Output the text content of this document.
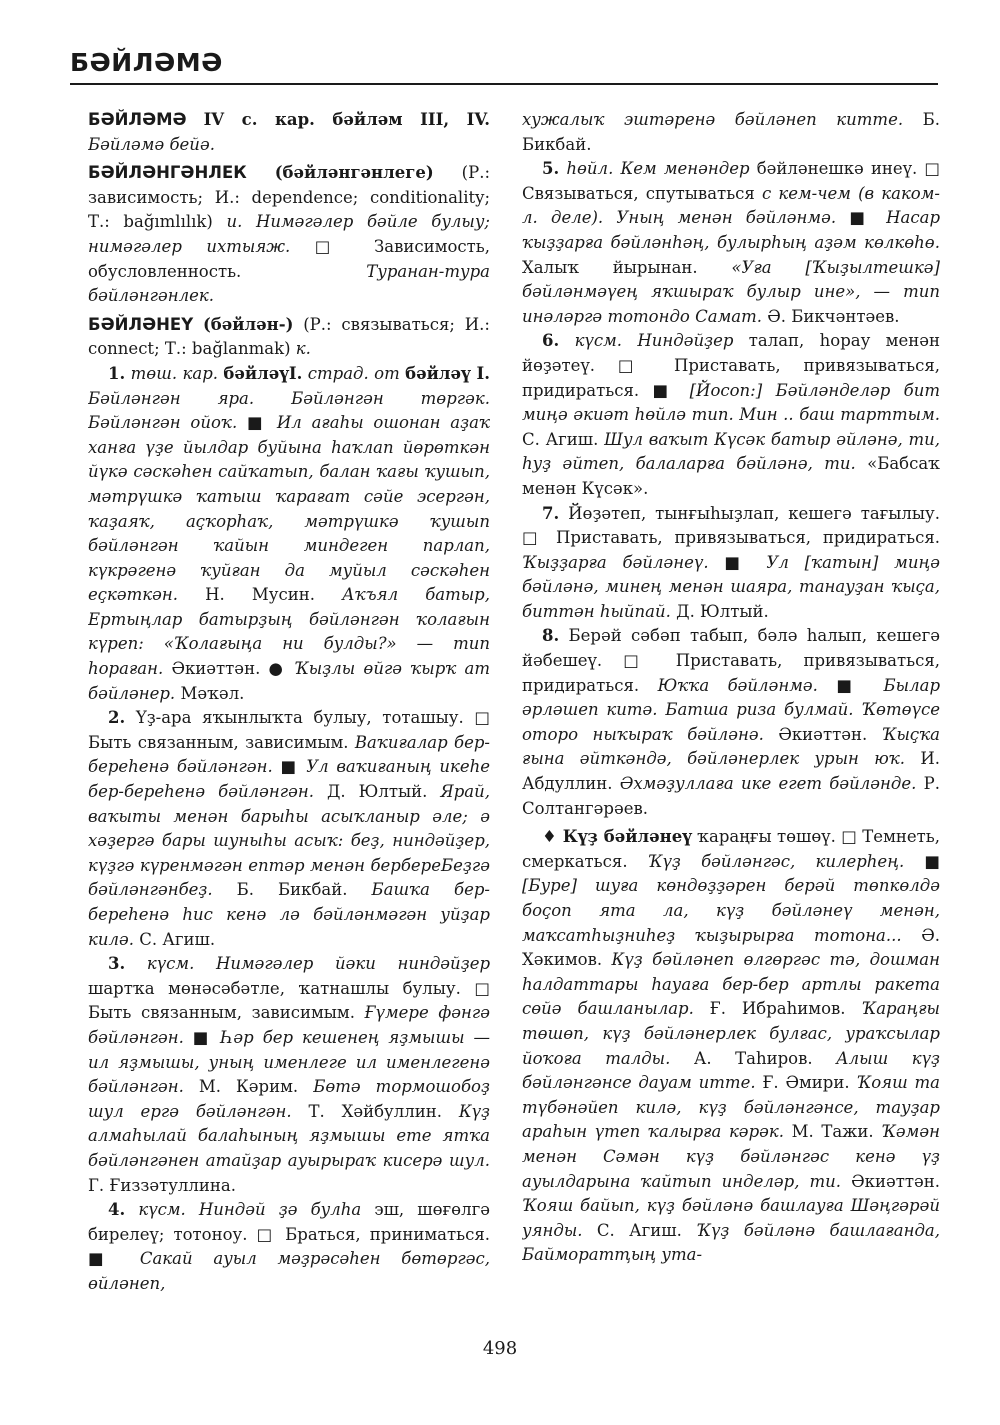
БӘЙЛӘМӘ

БӘЙЛӘМӘ IV с. кар. бәйләм III, IV. Бәйләмә бейә.

БӘЙЛӘНГӘНЛЕК (бәйләнгәнлеге) (Р.: зависимость; И.: dependence; conditionality; Т.: bağımlılık) и. Нимәгәлер бәйле булыу; нимәгәлер ихтыяж. □ Зависимость, обусловленность.	Туранан-тура бәйләнгәнлек.

БӘЙЛӘНЕҮ (бәйлән-) (Р.: связываться; И.: connect; Т.: bağlanmak) к.

1. төш. кар. бәйләүI. страд. от бәйләү I. Бәйләнгән яра. Бәйләнгән төргәк. Бәйләнгән ойоҡ. ■ Ил ағаһы ошонан аҙаҡ ханға үҙе йылдар буйына һаҡлап йөрөткән йүкә сәскәһен сайҡатып, балан ҡағы ҡушып, мәтрүшкә ҡатыш ҡарағат сәйе эсергән, ҡаҙаяҡ, аҫҡорһаҡ, мәтрүшкә ҡушып бәйләнгән ҡайын миндеген парлап, күкрәгенә ҡуйған да муйыл сәскәһен еҫкәткән. Н. Мусин. Аҡъял батыр, Ертыңлар батырҙың бәйләнгән ҡолағын күреп: «Ҡолағыңа ни булды?» — тип һораған. Әкиәттән. ● Ҡыҙлы өйгә ҡырҡ ат бәйләнер. Мәҡәл.

2. Үҙ-ара яҡынлыҡта булыу, тоташыу. □ Быть связанным, зависимым. Ваҡиғалар бер-береһенә бәйләнгән. ■ Ул ваҡиғаның икеһе бер-береһенә бәйләнгән. Д. Юлтый. Ярай, ваҡыты менән барыһы асыҡланыр әле; ә хәҙергә бары шуныһы асыҡ: беҙ, ниндәйҙер, күҙгә күренмәгән ептәр менән бербереБеҙгә бәйләнгәнбеҙ. Б. Бикбай. Башҡа бер-береһенә һис кенә лә бәйләнмәгән уйҙар килә. С. Агиш.

3. күсм. Нимәгәлер йәки ниндәйҙер шартҡа мөнәсәбәтле, ҡатнашлы булыу. □ Быть связанным, зависимым. Ғүмере фәнгә бәйләнгән. ■ Һәр бер кешенең яҙмышы — ил яҙмышы, уның именлеге ил именлегенә бәйләнгән. М. Кәрим. Бөтә тормошобоҙ шул ергә бәйләнгән. Т. Хәйбуллин. Күҙ алмаһылай балаһының яҙмышы ете ятҡа бәйләнгәнен атайҙар ауырыраҡ кисерә шул. Г. Ғиззәтуллина.

4. күсм. Ниндәй ҙә булһа эш, шөғөлгә бирелеү; тотоноу. □ Браться, приниматься. ■ Сакай ауыл мәҙрәсәһен бөтөргәс, өйләнеп,

хужалыҡ эштәренә бәйләнеп китте. Б. Бикбай.

5. һөйл. Кем менәндер бәйләнешкә инеү. □ Связываться, спутываться с кем-чем (в каком-л. деле). Уның менән бәйләнмә. ■ Насар ҡыҙҙарға бәйләнһәң, булырһың аҙәм көлкөһө. Халыҡ йырынан. «Уға [Ҡыҙылтешкә] бәйләнмәүең яҡшыраҡ булыр ине», — тип инәләргә тотондо Самат. Ә. Бикчәнтәев.

6. күсм. Ниндәйҙер талап, һорау менән йөҙәтеү. □ Приставать, привязываться, придираться. ■ [Йосоп:] Бәйләнделәр бит миңә әкиәт һөйлә тип. Мин .. баш тарттым. С. Агиш. Шул ваҡыт Күсәк батыр әйләнә, ти, һуҙ әйтеп, балаларға бәйләнә, ти. «Бабсаҡ менән Күсәк».

7. Йөҙәтеп, тынғыһыҙлап, кешегә тағылыу. □ Приставать, привязываться, придираться. Ҡыҙҙарға бәйләнеү. ■ Ул [ҡатын] миңә бәйләнә, минең менән шаяра, танауҙан ҡыҫа, биттән һыйпай. Д. Юлтый.

8. Берәй сәбәп табып, бәлә һалып, кешегә йәбешеү. □ Приставать, привязываться, придираться. Юҡҡа бәйләнмә. ■ Былар әрләшеп китә. Батша риза булмай. Ҡөтөүсе оторо ныҡыраҡ бәйләнә. Әкиәттән. Ҡыҫҡа ғына әйткәндә, бәйләнерлек урын юҡ. И. Абдуллин. Әхмәҙуллаға ике егет бәйләнде. Р. Солтангәрәев.

♦ Күҙ бәйләнеү ҡараңғы төшөү. □ Темнеть, смеркаться. Ҡүҙ бәйләнгәс, килерһең. ■ [Буре] шуға көндөҙҙәрен берәй төпкөлдә боҫоп ята ла, күҙ бәйләнеү менән, маҡсатһыҙниһеҙ ҡыҙырырға тотона... Ә. Хәкимов. Күҙ бәйләнеп өлгөргәс тә, дошман һалдаттары һауаға бер-бер артлы ракета сөйә башланылар. Ғ. Ибраһимов. Ҡараңғы төшөп, күҙ бәйләнерлек булғас, ураҡсылар йоҡоға талды. А. Таһиров. Алыш күҙ бәйләнгәнсе дауам итте. Ғ. Әмири. Ҡояш та түбәнәйеп килә, күҙ бәйләнгәнсе, тауҙар араһын үтеп ҡалырға кәрәк. М. Тажи. Ҡәмән менән Сәмән күҙ бәйләнгәс кенә үҙ ауылдарына ҡайтып инделәр, ти. Әкиәттән. Ҡояш байып, күҙ бәйләнә башлауға Шәңгәрәй уянды. С. Агиш. Ҡүҙ бәйләнә башлағанда, Байморатҭың ута-

498
